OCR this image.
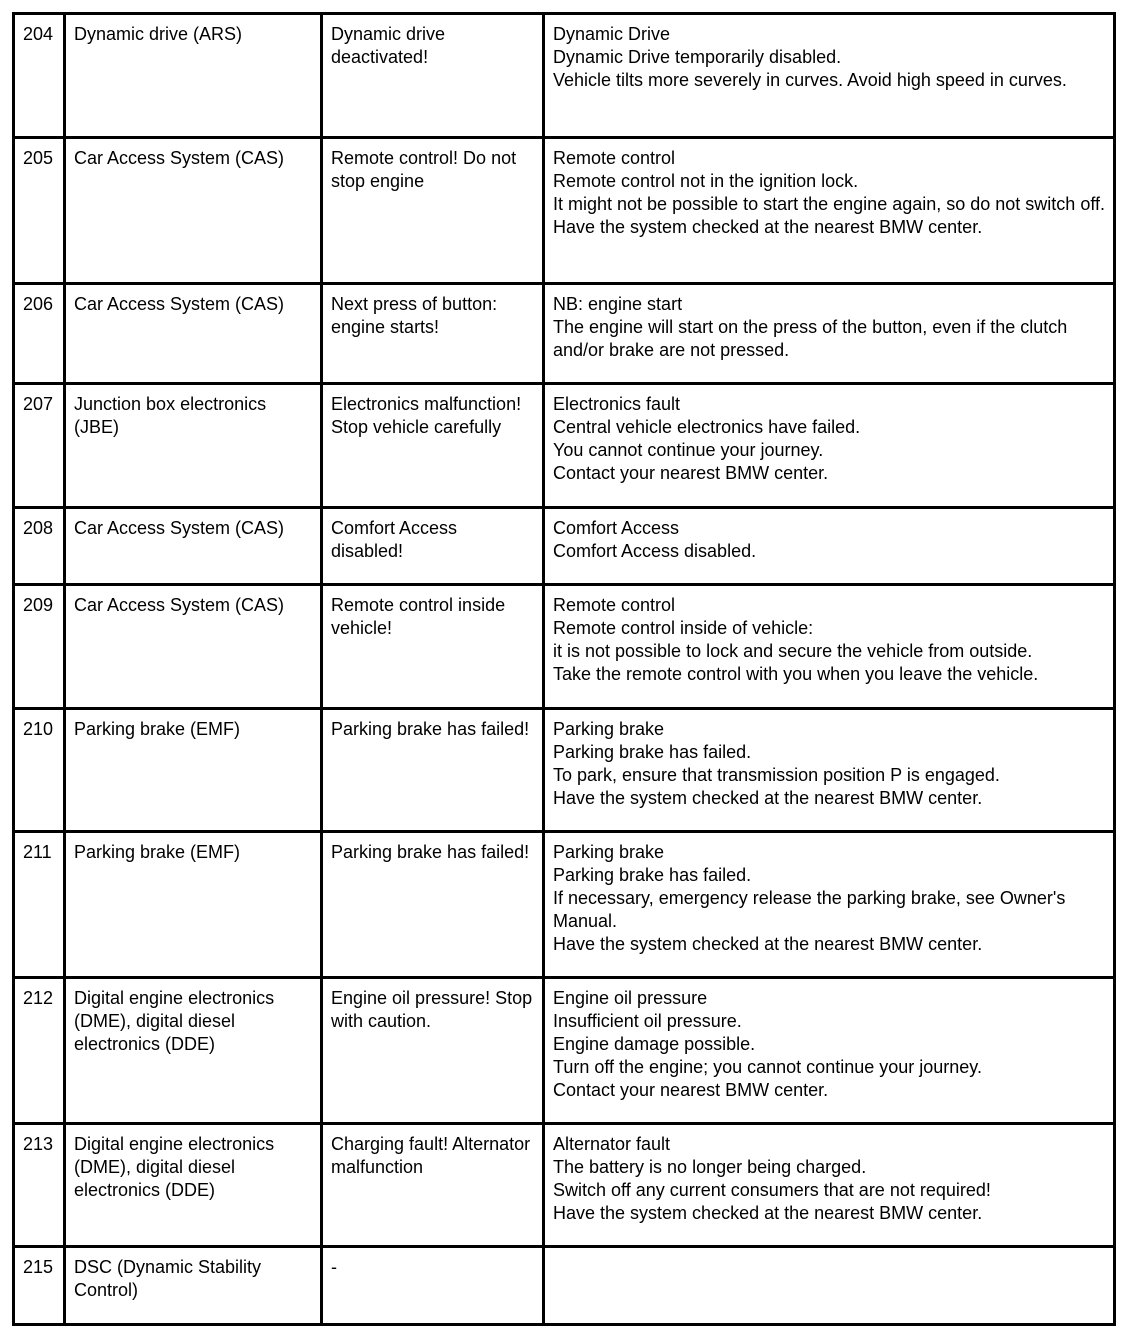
204	Dynamic drive (ARS)	Dynamic drive deactivated!	Dynamic Drive
Dynamic Drive temporarily disabled.
Vehicle tilts more severely in curves. Avoid high speed in curves.

205	Car Access System (CAS)	Remote control! Do not stop engine	Remote control
Remote control not in the ignition lock.
It might not be possible to start the engine again, so do not switch off.
Have the system checked at the nearest BMW center.

206	Car Access System (CAS)	Next press of button: engine starts!	NB: engine start
The engine will start on the press of the button, even if the clutch and/or brake are not pressed.

207	Junction box electronics (JBE)	Electronics malfunction! Stop vehicle carefully	Electronics fault
Central vehicle electronics have failed.
You cannot continue your journey.
Contact your nearest BMW center.

208	Car Access System (CAS)	Comfort Access disabled!	Comfort Access
Comfort Access disabled.

209	Car Access System (CAS)	Remote control inside vehicle!	Remote control
Remote control inside of vehicle:
it is not possible to lock and secure the vehicle from outside.
Take the remote control with you when you leave the vehicle.

210	Parking brake (EMF)	Parking brake has failed!	Parking brake
Parking brake has failed.
To park, ensure that transmission position P is engaged.
Have the system checked at the nearest BMW center.

211	Parking brake (EMF)	Parking brake has failed!	Parking brake
Parking brake has failed.
If necessary, emergency release the parking brake, see Owner's Manual.
Have the system checked at the nearest BMW center.

212	Digital engine electronics (DME), digital diesel electronics (DDE)	Engine oil pressure! Stop with caution.	Engine oil pressure
Insufficient oil pressure.
Engine damage possible.
Turn off the engine; you cannot continue your journey.
Contact your nearest BMW center.

213	Digital engine electronics (DME), digital diesel electronics (DDE)	Charging fault! Alternator malfunction	Alternator fault
The battery is no longer being charged.
Switch off any current consumers that are not required!
Have the system checked at the nearest BMW center.

215	DSC (Dynamic Stability Control)	-	
